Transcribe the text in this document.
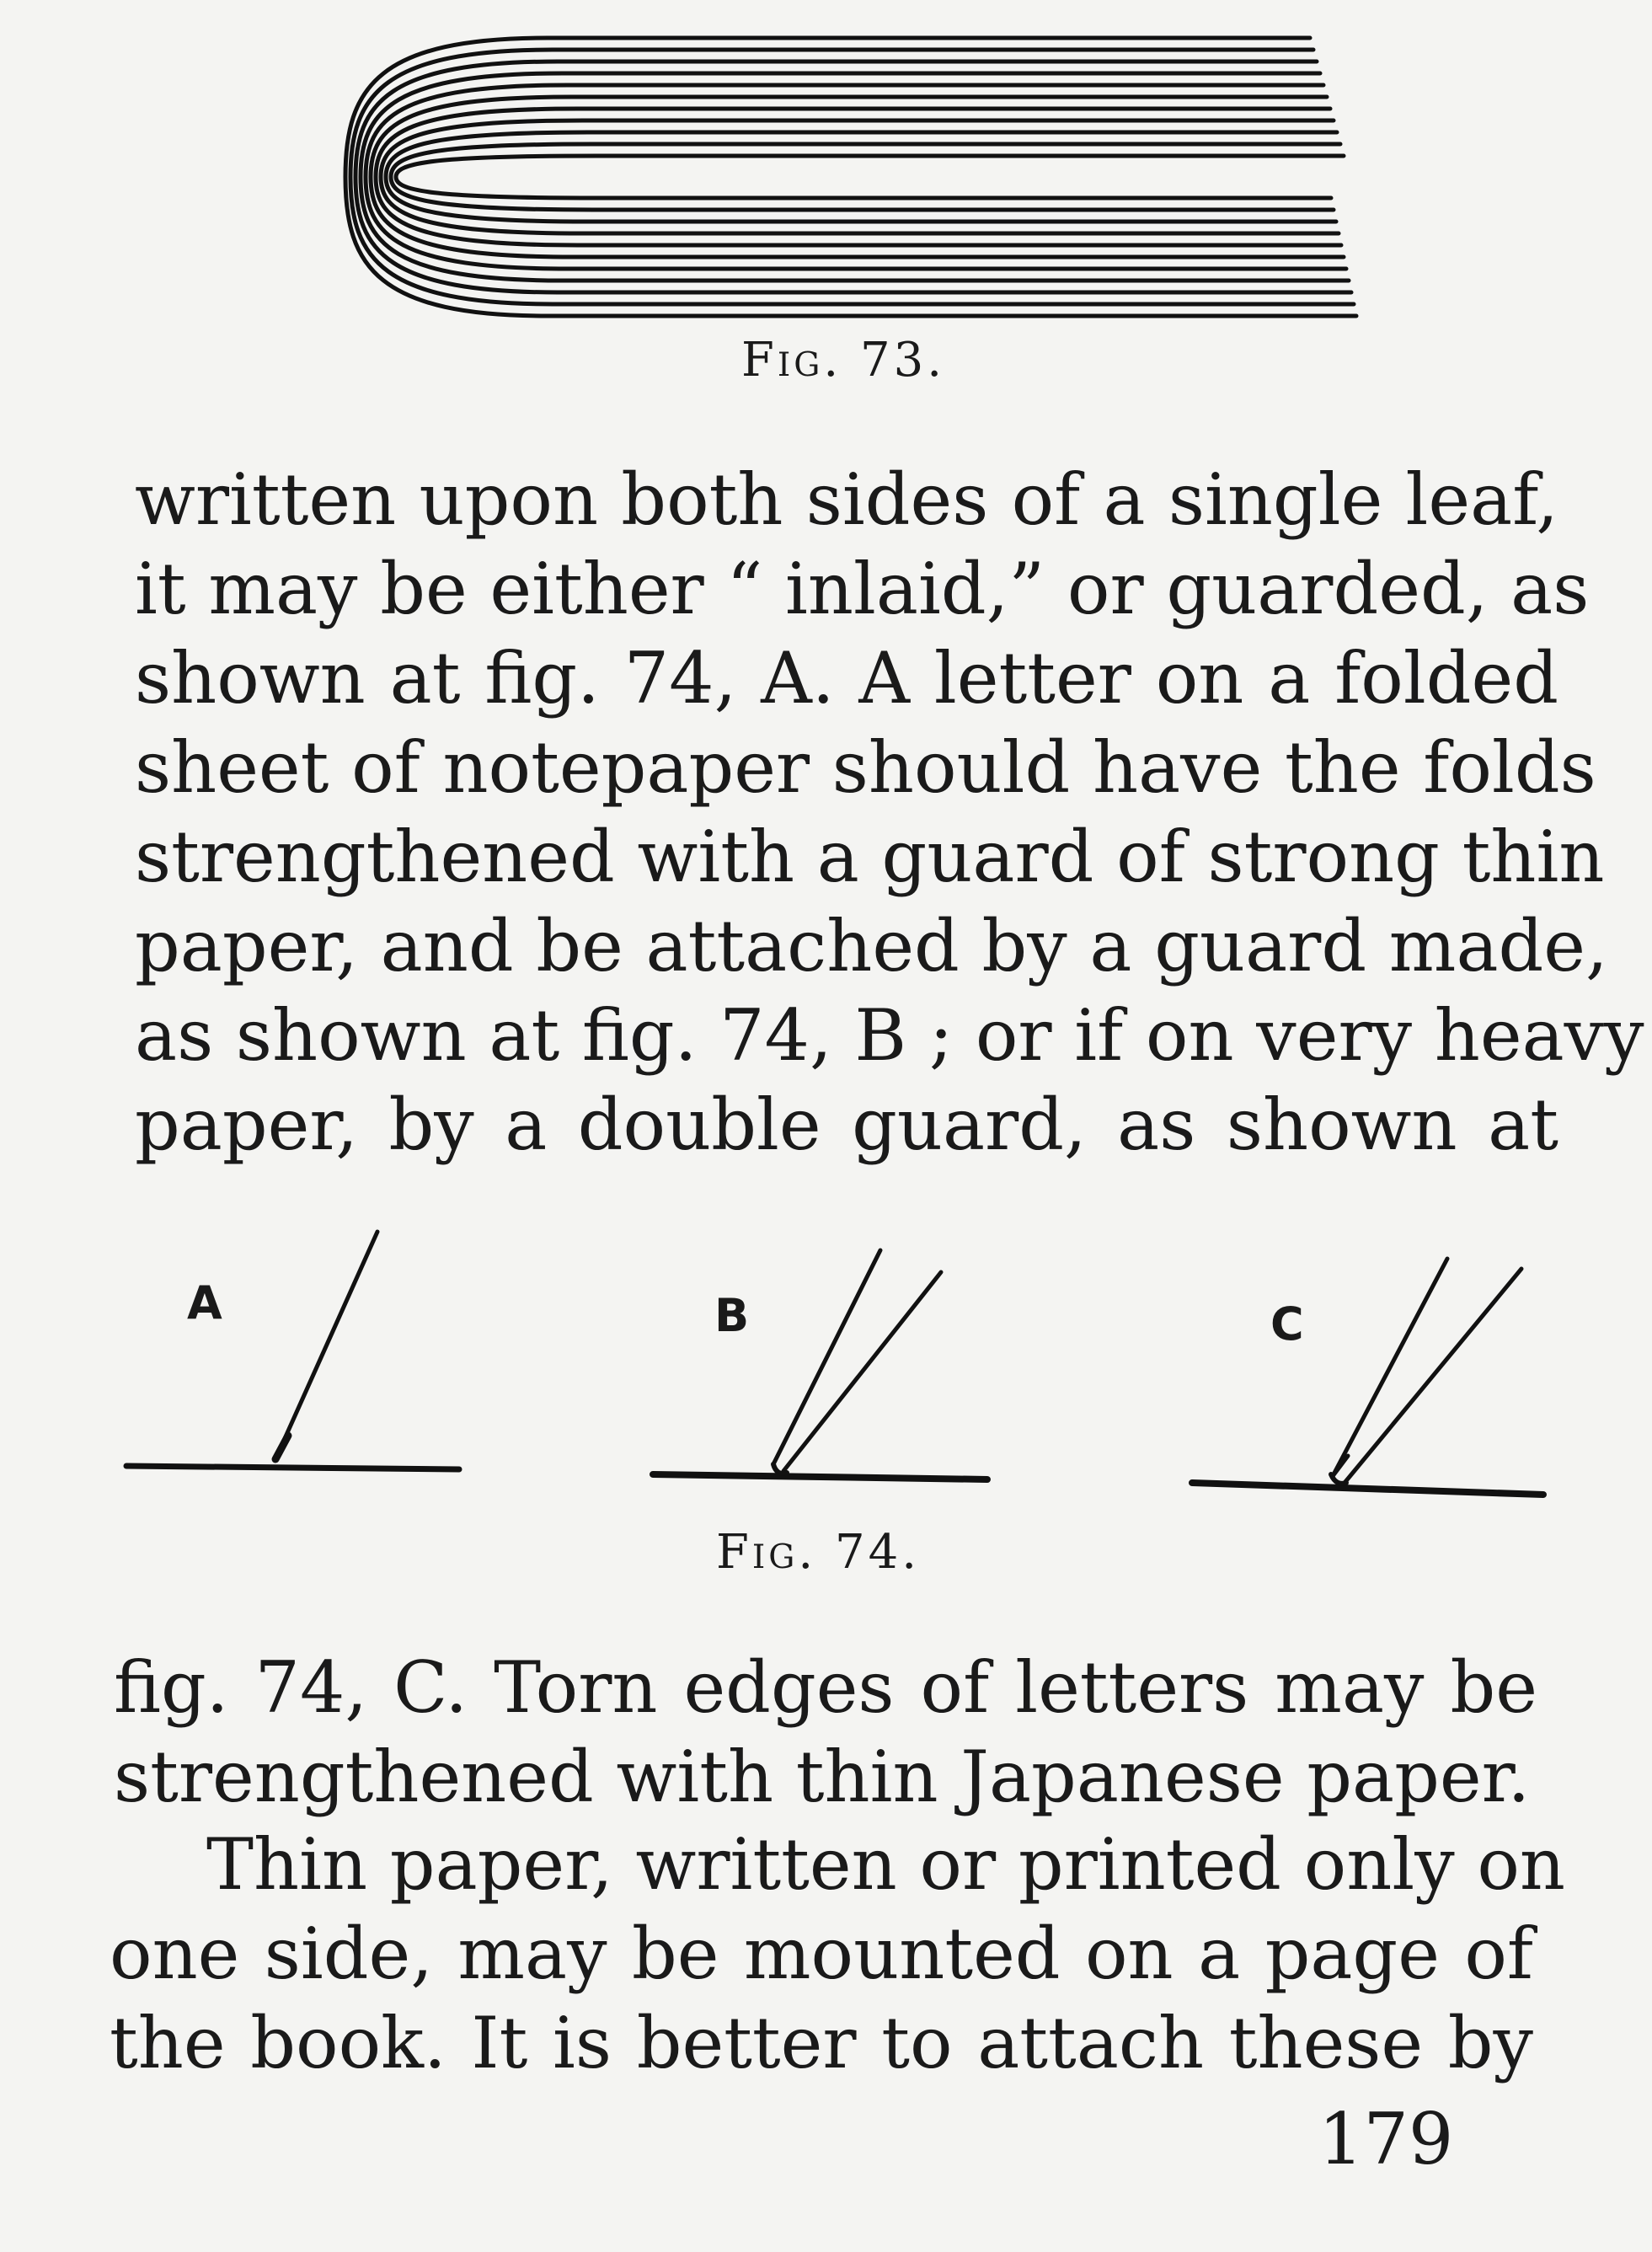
Fig. 73.
written upon both sides of a single leaf,
it may be either “ inlaid,” or guarded, as
shown at fig. 74, A. A letter on a folded
sheet of notepaper should have the folds
strengthened with a guard of strong thin
paper, and be attached by a guard made,
as shown at fig. 74, B ; or if on very heavy
paper, by a double guard, as shown at
A	B	C
Fig. 74.
fig. 74, C. Torn edges of letters may be
strengthened with thin Japanese paper.
Thin paper, written or printed only on
one side, may be mounted on a page of
the book. It is better to attach these by
179
